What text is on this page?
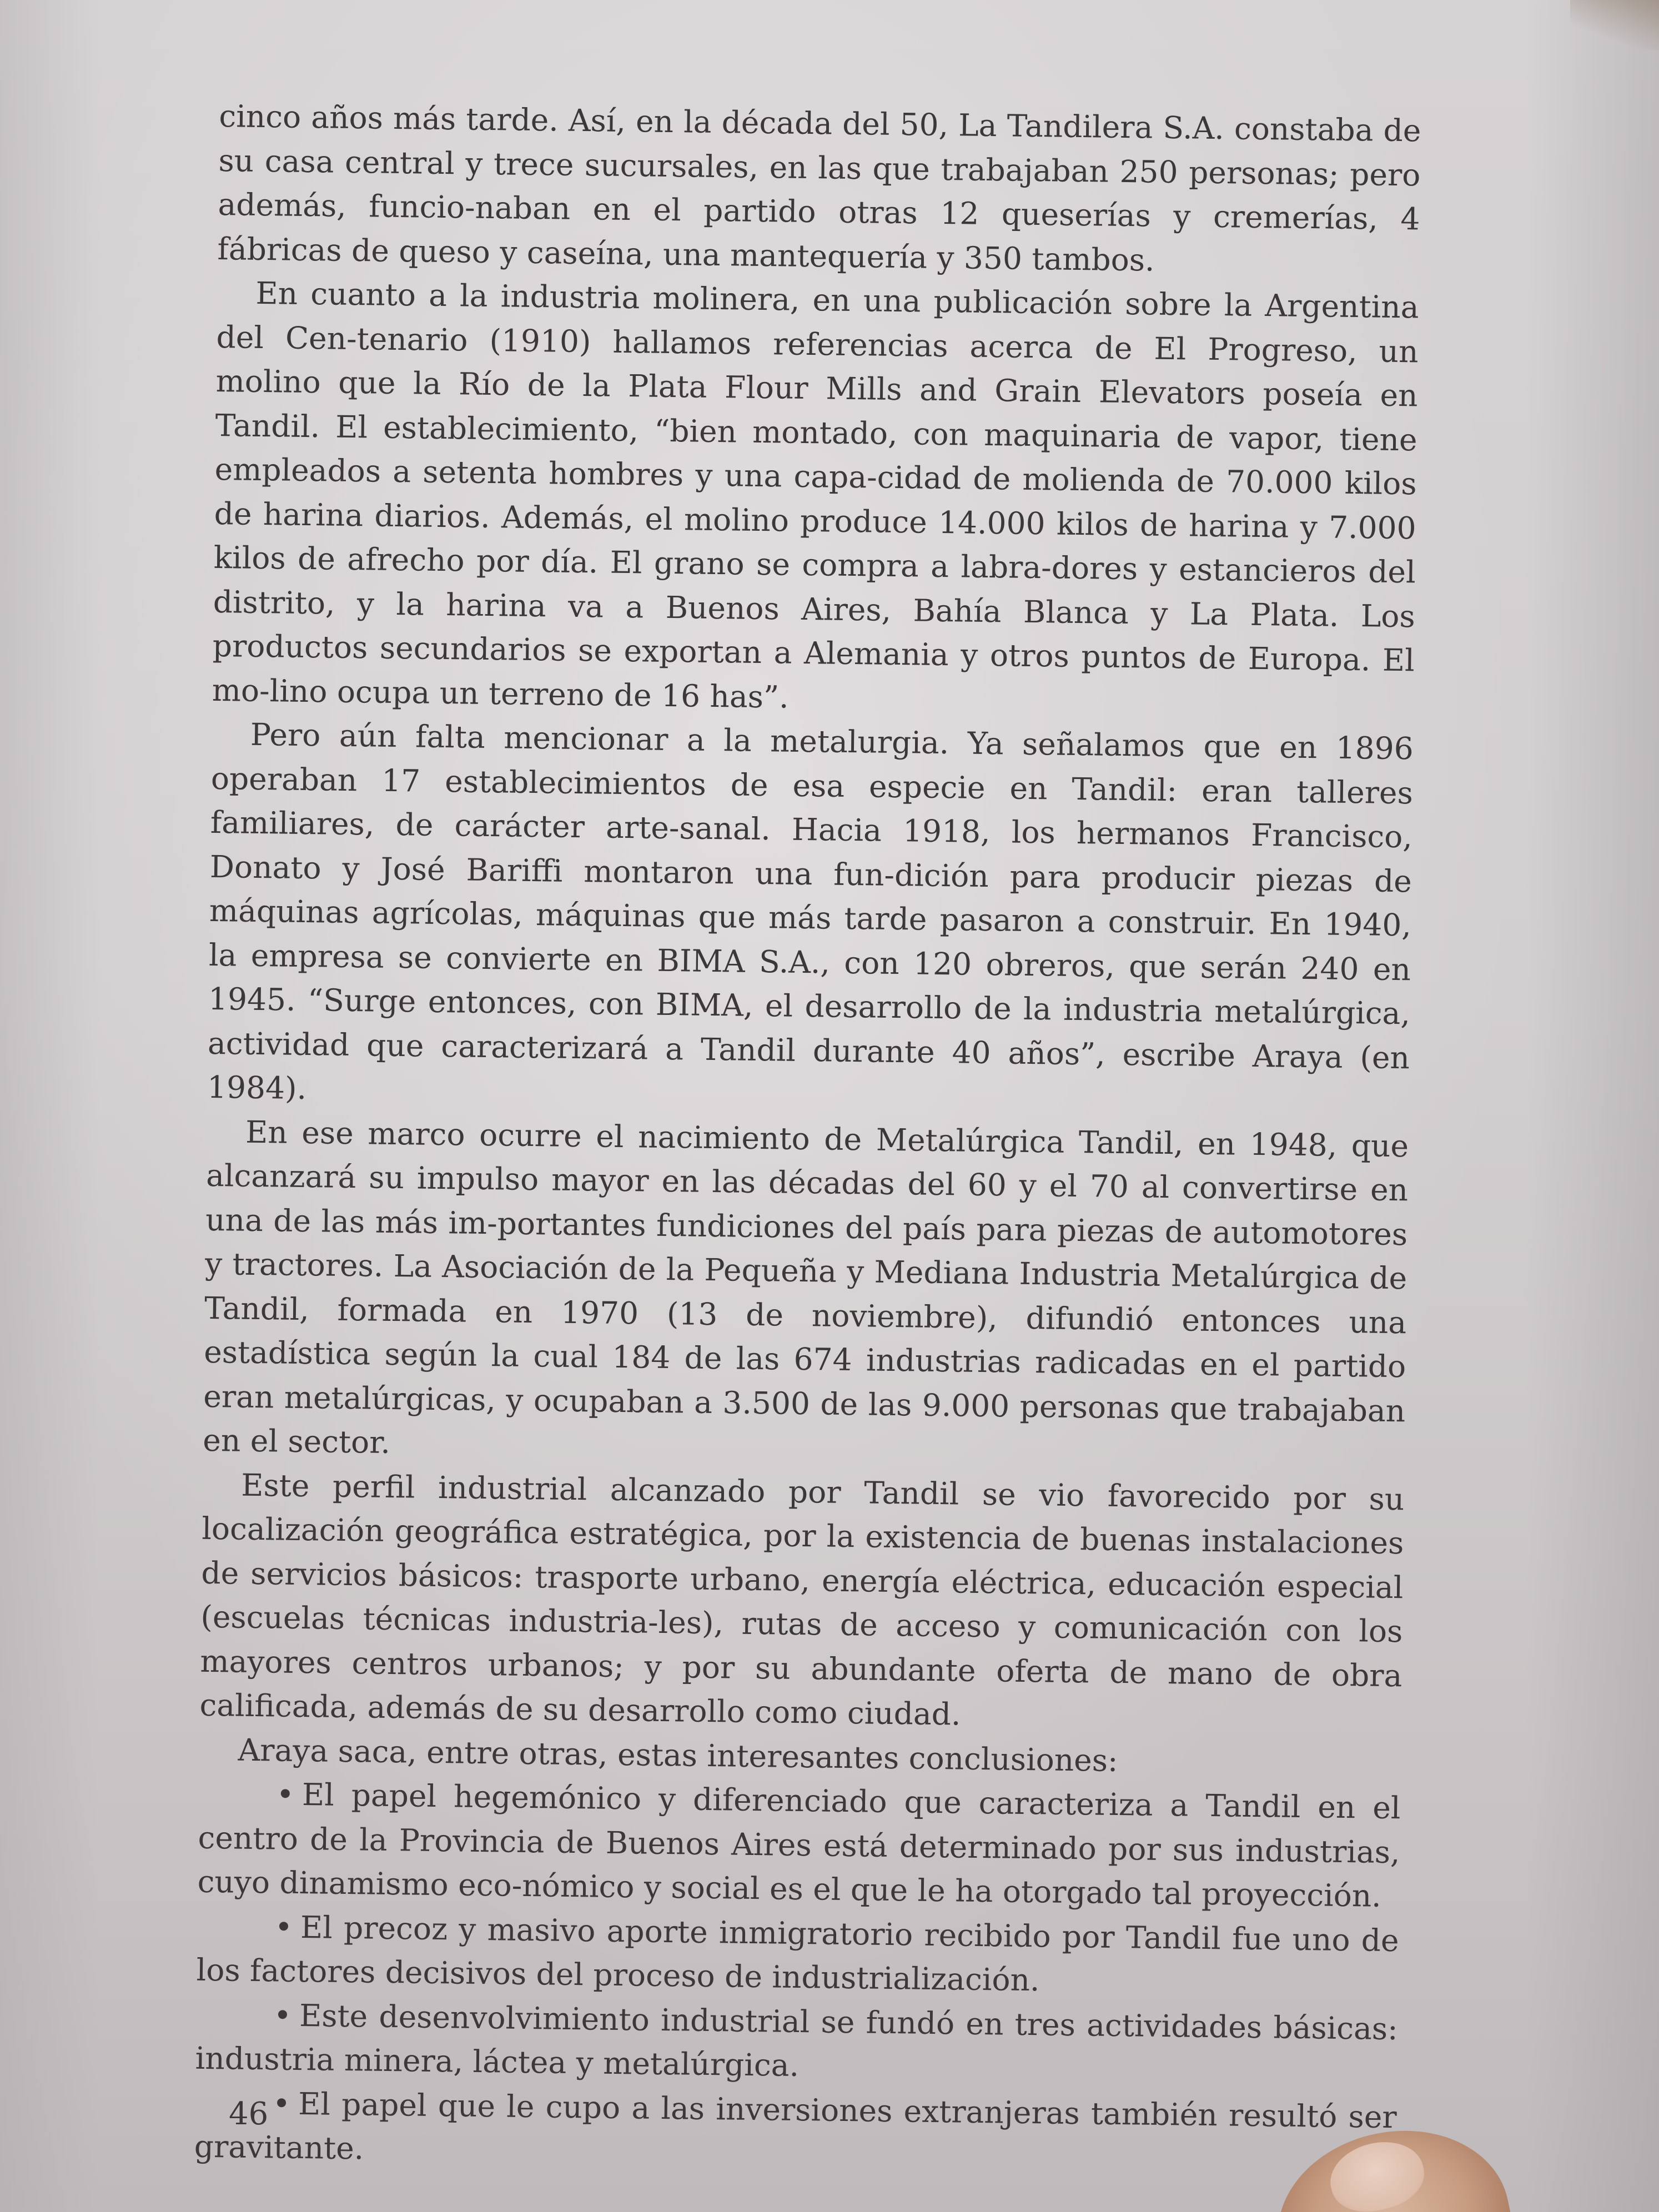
cinco años más tarde. Así, en la década del 50, La Tandilera S.A. constaba de su casa central y trece sucursales, en las que trabajaban 250 personas; pero además, funcio-naban en el partido otras 12 queserías y cremerías, 4 fábricas de queso y caseína, una mantequería y 350 tambos.

En cuanto a la industria molinera, en una publicación sobre la Argentina del Cen-tenario (1910) hallamos referencias acerca de El Progreso, un molino que la Río de la Plata Flour Mills and Grain Elevators poseía en Tandil. El establecimiento, “bien montado, con maquinaria de vapor, tiene empleados a setenta hombres y una capa-cidad de molienda de 70.000 kilos de harina diarios. Además, el molino produce 14.000 kilos de harina y 7.000 kilos de afrecho por día. El grano se compra a labra-dores y estancieros del distrito, y la harina va a Buenos Aires, Bahía Blanca y La Plata. Los productos secundarios se exportan a Alemania y otros puntos de Europa. El mo-lino ocupa un terreno de 16 has”.

Pero aún falta mencionar a la metalurgia. Ya señalamos que en 1896 operaban 17 establecimientos de esa especie en Tandil: eran talleres familiares, de carácter arte-sanal. Hacia 1918, los hermanos Francisco, Donato y José Bariffi montaron una fun-dición para producir piezas de máquinas agrícolas, máquinas que más tarde pasaron a construir. En 1940, la empresa se convierte en BIMA S.A., con 120 obreros, que serán 240 en 1945. “Surge entonces, con BIMA, el desarrollo de la industria metalúrgica, actividad que caracterizará a Tandil durante 40 años”, escribe Araya (en 1984).

En ese marco ocurre el nacimiento de Metalúrgica Tandil, en 1948, que alcanzará su impulso mayor en las décadas del 60 y el 70 al convertirse en una de las más im-portantes fundiciones del país para piezas de automotores y tractores. La Asociación de la Pequeña y Mediana Industria Metalúrgica de Tandil, formada en 1970 (13 de noviembre), difundió entonces una estadística según la cual 184 de las 674 industrias radicadas en el partido eran metalúrgicas, y ocupaban a 3.500 de las 9.000 personas que trabajaban en el sector.

Este perfil industrial alcanzado por Tandil se vio favorecido por su localización geográfica estratégica, por la existencia de buenas instalaciones de servicios básicos: trasporte urbano, energía eléctrica, educación especial (escuelas técnicas industria-les), rutas de acceso y comunicación con los mayores centros urbanos; y por su abundante oferta de mano de obra calificada, además de su desarrollo como ciudad.

Araya saca, entre otras, estas interesantes conclusiones:

• El papel hegemónico y diferenciado que caracteriza a Tandil en el centro de la Provincia de Buenos Aires está determinado por sus industrias, cuyo dinamismo eco-nómico y social es el que le ha otorgado tal proyección.

• El precoz y masivo aporte inmigratorio recibido por Tandil fue uno de los factores decisivos del proceso de industrialización.

• Este desenvolvimiento industrial se fundó en tres actividades básicas: industria minera, láctea y metalúrgica.

• El papel que le cupo a las inversiones extranjeras también resultó ser gravitante.

46
